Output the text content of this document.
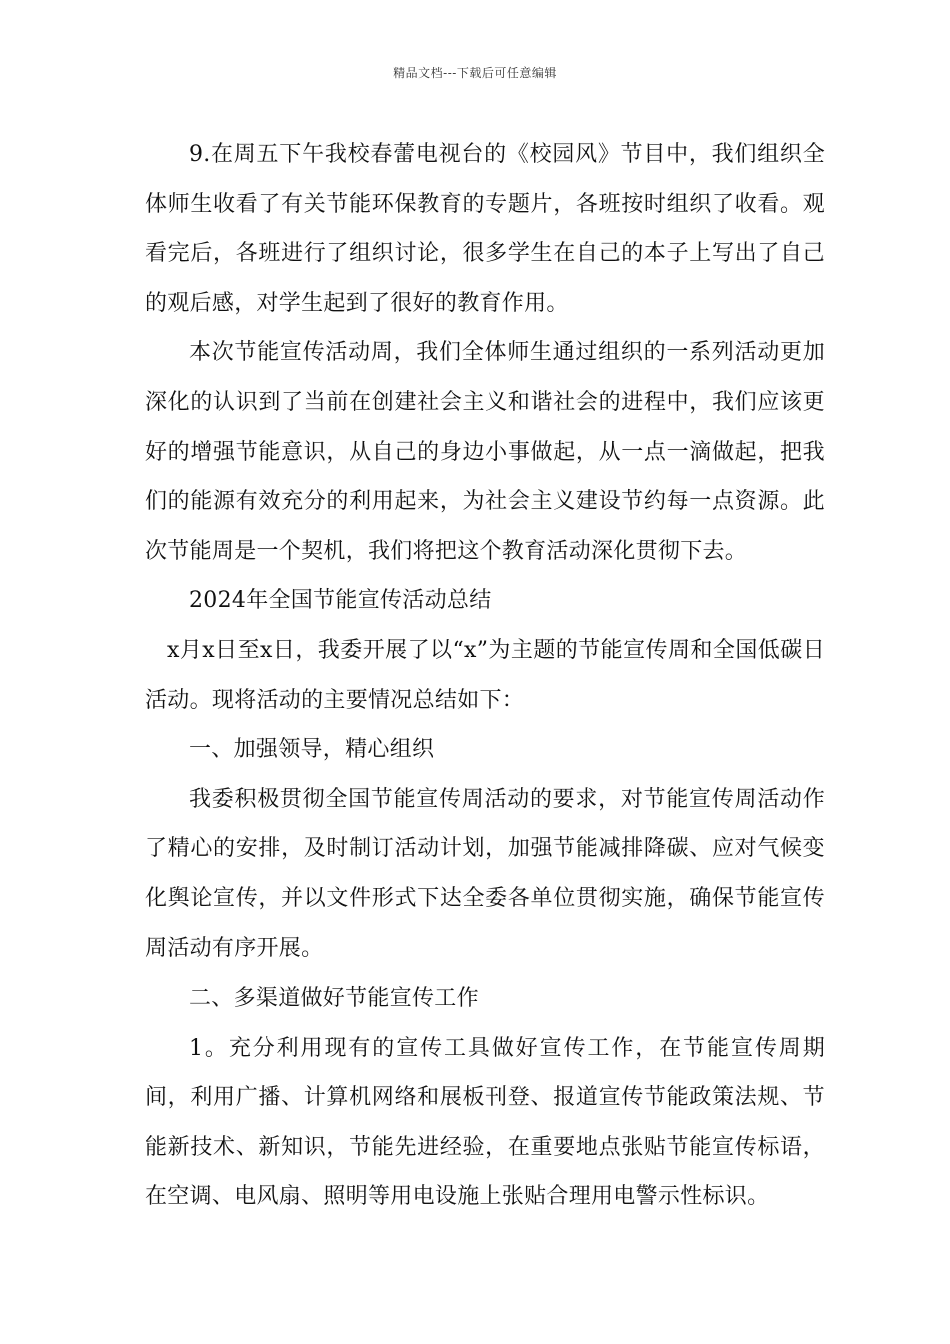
精品文档---下载后可任意编辑

9.在周五下午我校春蕾电视台的《校园风》节目中，我们组织全体师生收看了有关节能环保教育的专题片，各班按时组织了收看。观看完后，各班进行了组织讨论，很多学生在自己的本子上写出了自己的观后感，对学生起到了很好的教育作用。

本次节能宣传活动周，我们全体师生通过组织的一系列活动更加深化的认识到了当前在创建社会主义和谐社会的进程中，我们应该更好的增强节能意识，从自己的身边小事做起，从一点一滴做起，把我们的能源有效充分的利用起来，为社会主义建设节约每一点资源。此次节能周是一个契机，我们将把这个教育活动深化贯彻下去。

2024年全国节能宣传活动总结

x月x日至x日，我委开展了以“x”为主题的节能宣传周和全国低碳日活动。现将活动的主要情况总结如下：

一、加强领导，精心组织

我委积极贯彻全国节能宣传周活动的要求，对节能宣传周活动作了精心的安排，及时制订活动计划，加强节能减排降碳、应对气候变化舆论宣传，并以文件形式下达全委各单位贯彻实施，确保节能宣传周活动有序开展。

二、多渠道做好节能宣传工作

1。充分利用现有的宣传工具做好宣传工作，在节能宣传周期间，利用广播、计算机网络和展板刊登、报道宣传节能政策法规、节能新技术、新知识，节能先进经验，在重要地点张贴节能宣传标语，在空调、电风扇、照明等用电设施上张贴合理用电警示性标识。
